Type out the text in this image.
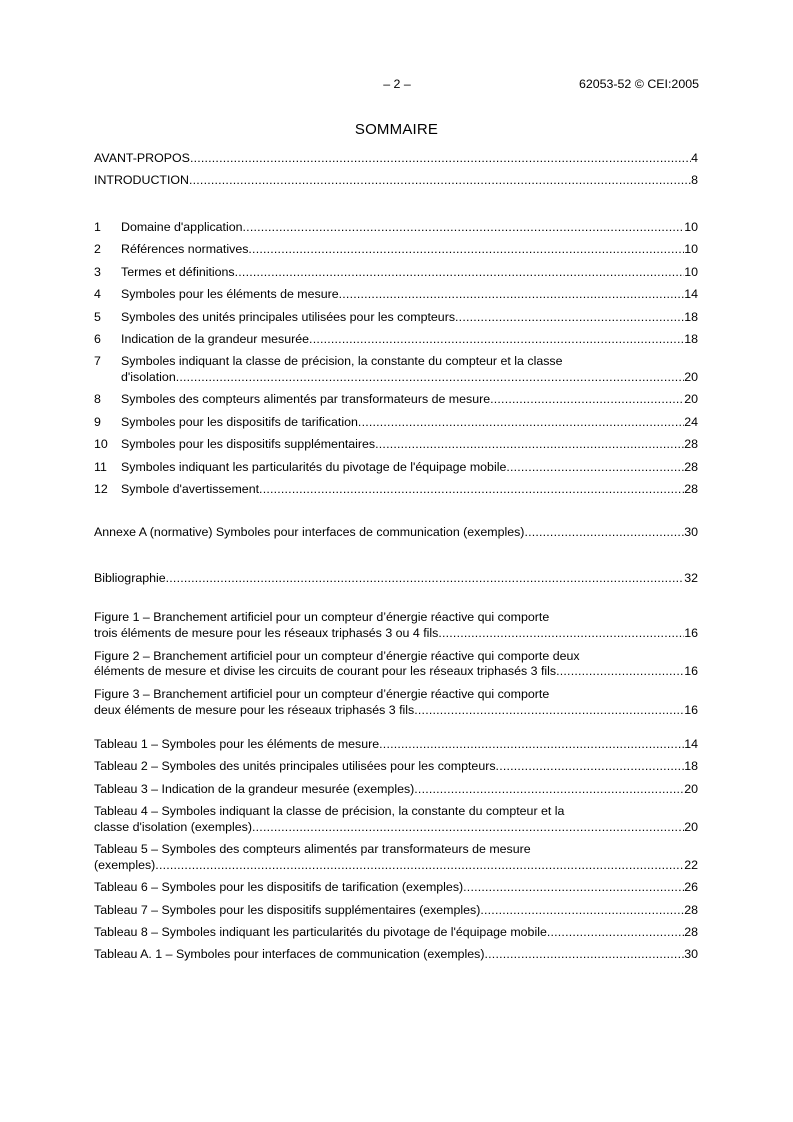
– 2 –	62053-52 © CEI:2005
SOMMAIRE
AVANT-PROPOS .....	4
INTRODUCTION .....	8
1	Domaine d'application .....	10
2	Références normatives .....	10
3	Termes et définitions .....	10
4	Symboles pour les éléments de mesure .....	14
5	Symboles des unités principales utilisées pour les compteurs .....	18
6	Indication de la grandeur mesurée .....	18
7 Symboles indiquant la classe de précision, la constante du compteur et la classe
d'isolation .....	20
8	Symboles des compteurs alimentés par transformateurs de mesure .....	20
9	Symboles pour les dispositifs de tarification .....	24
10	Symboles pour les dispositifs supplémentaires .....	28
11	Symboles indiquant les particularités du pivotage de l'équipage mobile .....	28
12	Symbole d'avertissement .....	28
Annexe A (normative) Symboles pour interfaces de communication (exemples) .....	30
Bibliographie .....	32
Figure 1 – Branchement artificiel pour un compteur d’énergie réactive qui comporte
trois éléments de mesure pour les réseaux triphasés 3 ou 4 fils .....	16
Figure 2 – Branchement artificiel pour un compteur d’énergie réactive qui comporte deux
éléments de mesure et divise les circuits de courant pour les réseaux triphasés 3 fils .....	16
Figure 3 – Branchement artificiel pour un compteur d’énergie réactive qui comporte
deux éléments de mesure pour les réseaux triphasés 3 fils .....	16
Tableau 1 – Symboles pour les éléments de mesure .....	14
Tableau 2 – Symboles des unités principales utilisées pour les compteurs .....	18
Tableau 3 – Indication de la grandeur mesurée (exemples) .....	20
Tableau 4 – Symboles indiquant la classe de précision, la constante du compteur et la
classe d'isolation (exemples) .....	20
Tableau 5 – Symboles des compteurs alimentés par transformateurs de mesure
(exemples) .....	22
Tableau 6 – Symboles pour les dispositifs de tarification (exemples) .....	26
Tableau 7 – Symboles pour les dispositifs supplémentaires (exemples) .....	28
Tableau 8 – Symboles indiquant les particularités du pivotage de l'équipage mobile .....	28
Tableau A. 1 – Symboles pour interfaces de communication (exemples) .....	30
